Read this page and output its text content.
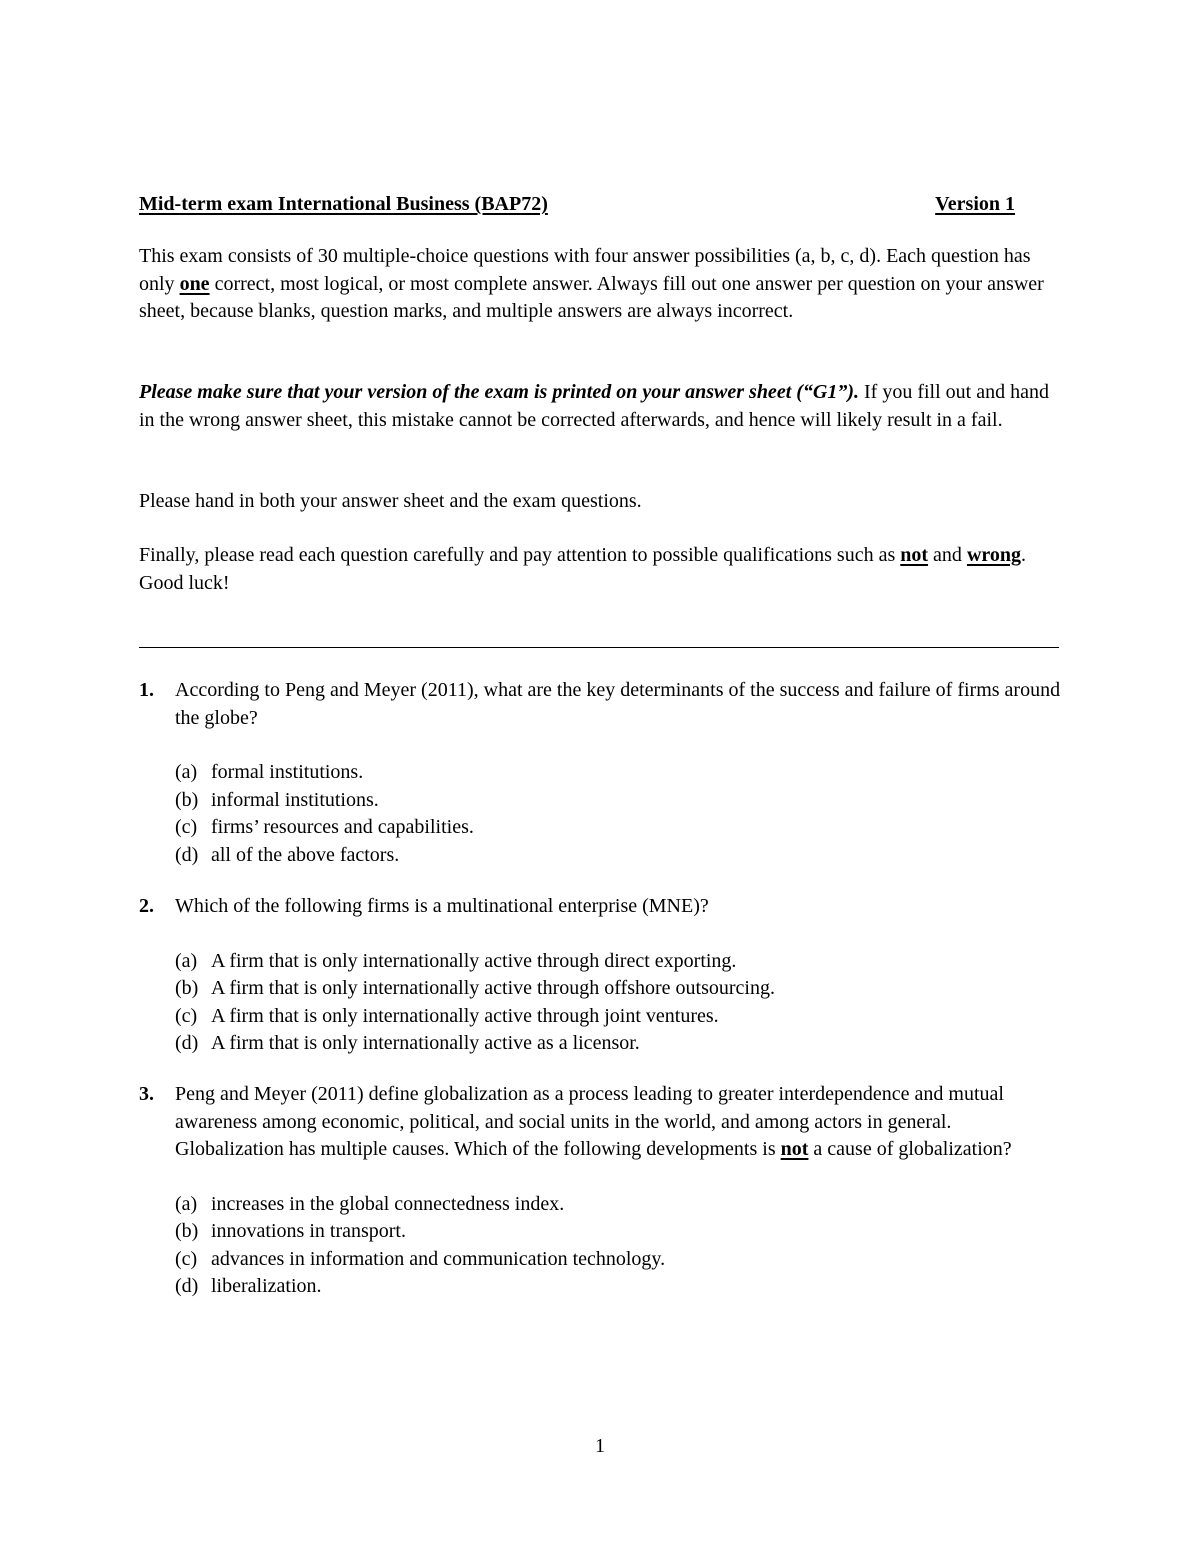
Mid-term exam International Business (BAP72)	Version 1

This exam consists of 30 multiple-choice questions with four answer possibilities (a, b, c, d). Each question has only one correct, most logical, or most complete answer. Always fill out one answer per question on your answer sheet, because blanks, question marks, and multiple answers are always incorrect.

Please make sure that your version of the exam is printed on your answer sheet (“G1”). If you fill out and hand in the wrong answer sheet, this mistake cannot be corrected afterwards, and hence will likely result in a fail.

Please hand in both your answer sheet and the exam questions.

Finally, please read each question carefully and pay attention to possible qualifications such as not and wrong. Good luck!

1. According to Peng and Meyer (2011), what are the key determinants of the success and failure of firms around the globe?
(a) formal institutions.
(b) informal institutions.
(c) firms’ resources and capabilities.
(d) all of the above factors.
2. Which of the following firms is a multinational enterprise (MNE)?
(a) A firm that is only internationally active through direct exporting.
(b) A firm that is only internationally active through offshore outsourcing.
(c) A firm that is only internationally active through joint ventures.
(d) A firm that is only internationally active as a licensor.
3. Peng and Meyer (2011) define globalization as a process leading to greater interdependence and mutual awareness among economic, political, and social units in the world, and among actors in general. Globalization has multiple causes. Which of the following developments is not a cause of globalization?
(a) increases in the global connectedness index.
(b) innovations in transport.
(c) advances in information and communication technology.
(d) liberalization.
1
